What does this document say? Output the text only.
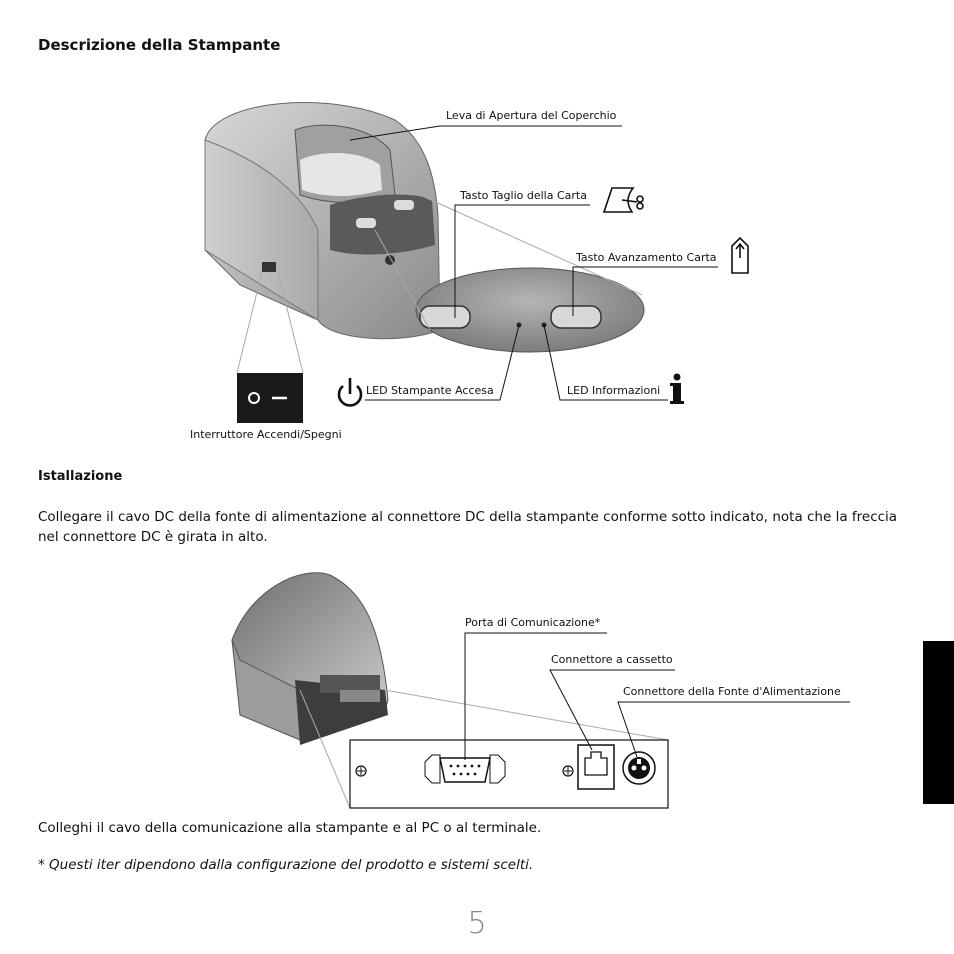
Descrizione della Stampante
Leva di Apertura del Coperchio
Tasto Taglio della Carta
Tasto Avanzamento Carta
LED Stampante Accesa	LED Informazioni
Interruttore Accendi/Spegni
Istallazione
Collegare il cavo DC della fonte di alimentazione al connettore DC della stampante conforme sotto indicato, nota che la freccia nel connettore DC è girata in alto.
Porta di Comunicazione*
Connettore a cassetto
Connettore della Fonte d'Alimentazione
Colleghi il cavo della comunicazione alla stampante e al PC o al terminale.
* Questi iter dipendono dalla configurazione del prodotto e sistemi scelti.
5
